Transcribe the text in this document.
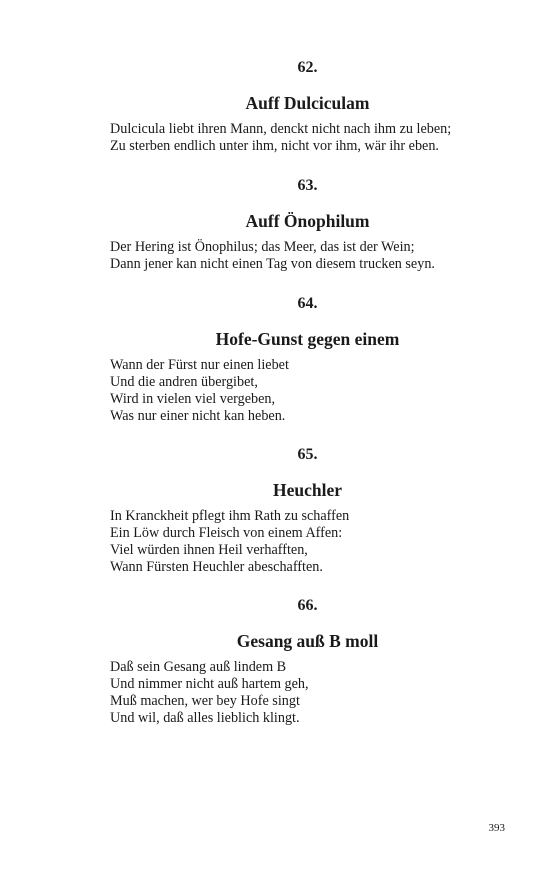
62.
Auff Dulciculam
Dulcicula liebt ihren Mann, denckt nicht nach ihm zu leben;
Zu sterben endlich unter ihm, nicht vor ihm, wär ihr eben.
63.
Auff Önophilum
Der Hering ist Önophilus; das Meer, das ist der Wein;
Dann jener kan nicht einen Tag von diesem trucken seyn.
64.
Hofe-Gunst gegen einem
Wann der Fürst nur einen liebet
Und die andren übergibet,
Wird in vielen viel vergeben,
Was nur einer nicht kan heben.
65.
Heuchler
In Kranckheit pflegt ihm Rath zu schaffen
Ein Löw durch Fleisch von einem Affen:
Viel würden ihnen Heil verhafften,
Wann Fürsten Heuchler abeschafften.
66.
Gesang auß B moll
Daß sein Gesang auß lindem B
Und nimmer nicht auß hartem geh,
Muß machen, wer bey Hofe singt
Und wil, daß alles lieblich klingt.
393
